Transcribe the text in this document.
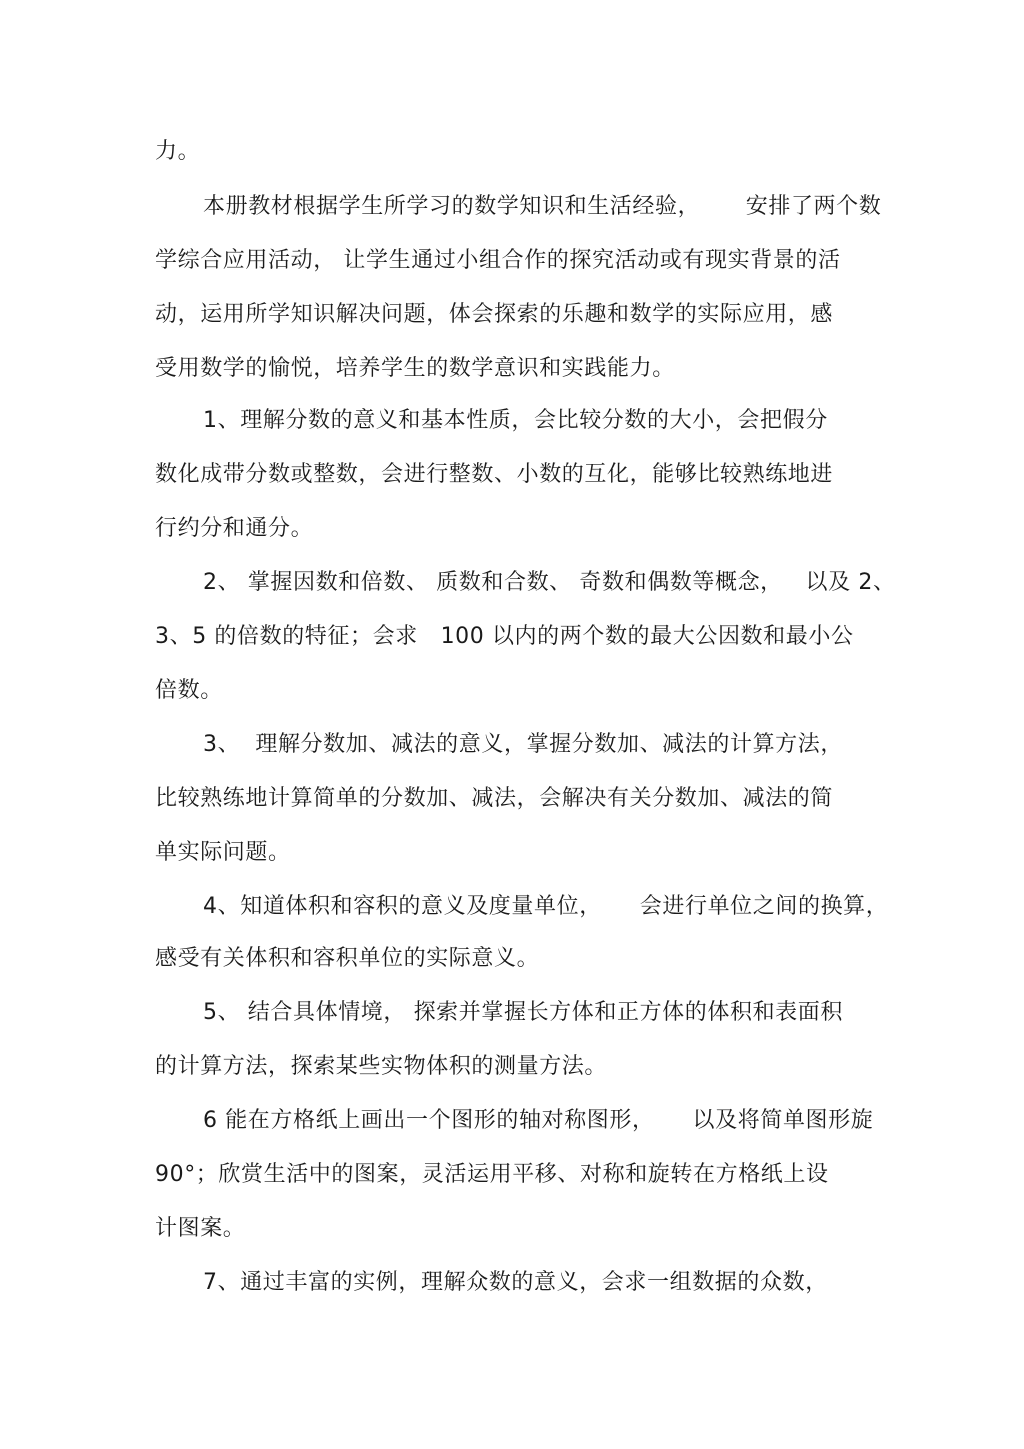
力。
本册教材根据学生所学习的数学知识和生活经验，      安排了两个数
学综合应用活动， 让学生通过小组合作的探究活动或有现实背景的活
动，运用所学知识解决问题，体会探索的乐趣和数学的实际应用，感
受用数学的愉悦，培养学生的数学意识和实践能力。
1、理解分数的意义和基本性质，会比较分数的大小，会把假分
数化成带分数或整数，会进行整数、小数的互化，能够比较熟练地进
行约分和通分。
2、 掌握因数和倍数、 质数和合数、 奇数和偶数等概念，   以及 2、
3、5 的倍数的特征；会求   100 以内的两个数的最大公因数和最小公
倍数。
3、  理解分数加、减法的意义，掌握分数加、减法的计算方法，
比较熟练地计算简单的分数加、减法，会解决有关分数加、减法的简
单实际问题。
4、知道体积和容积的意义及度量单位，     会进行单位之间的换算，
感受有关体积和容积单位的实际意义。
5、 结合具体情境， 探索并掌握长方体和正方体的体积和表面积
的计算方法，探索某些实物体积的测量方法。
6 能在方格纸上画出一个图形的轴对称图形，     以及将简单图形旋
90°；欣赏生活中的图案，灵活运用平移、对称和旋转在方格纸上设
计图案。
7、通过丰富的实例，理解众数的意义，会求一组数据的众数，
